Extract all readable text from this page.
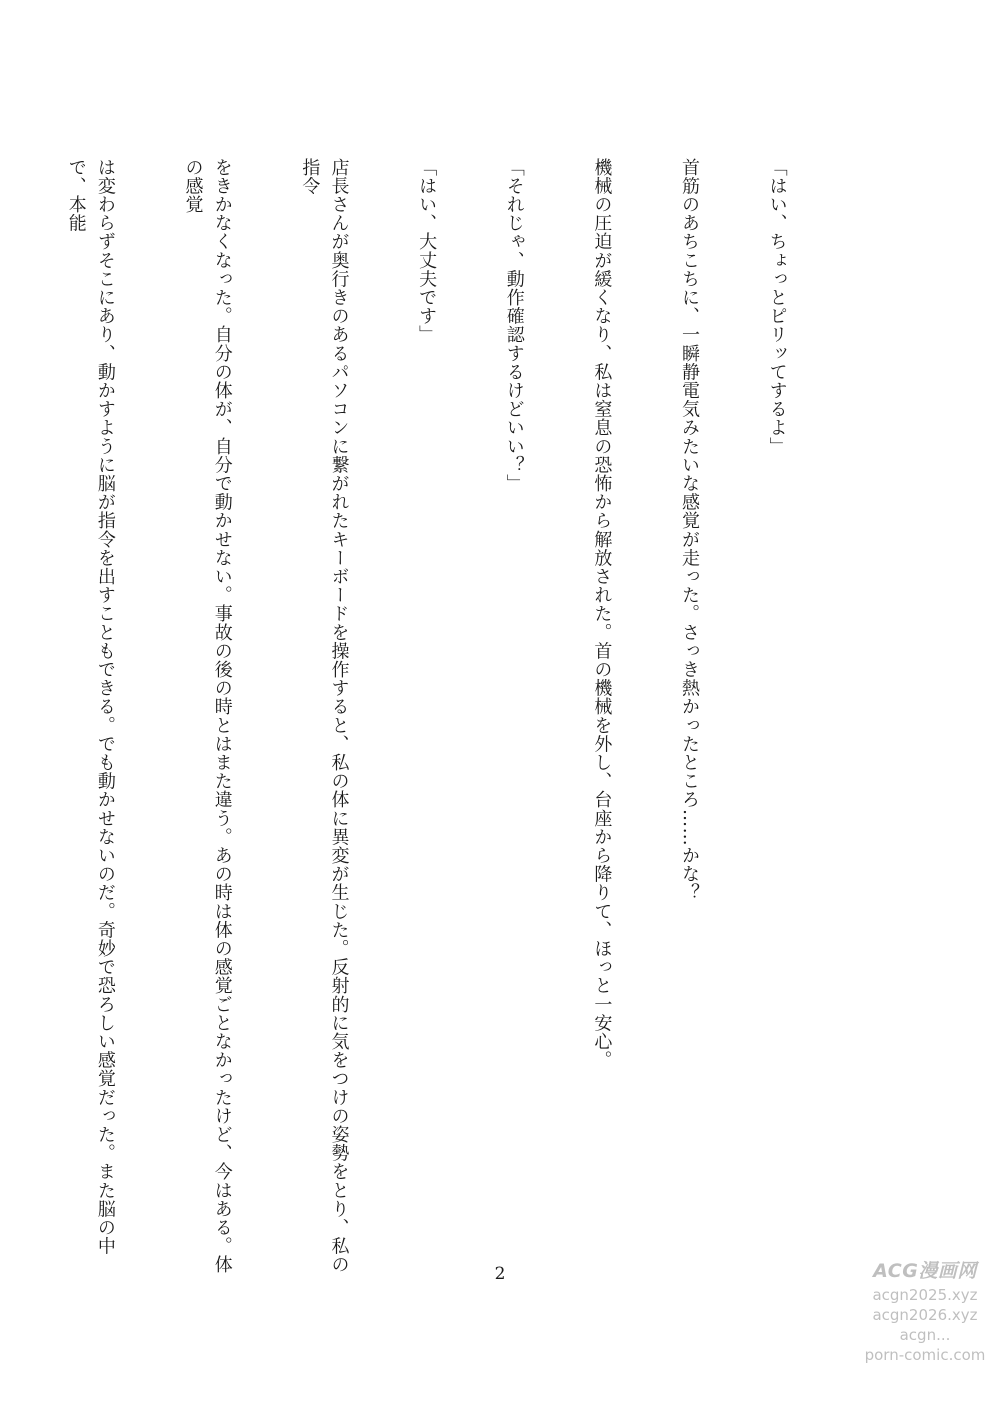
「はい、ちょっとピリッてするよ」

首筋のあちこちに、一瞬静電気みたいな感覚が走った。さっき熱かったところ……かな？

機械の圧迫が緩くなり、私は窒息の恐怖から解放された。首の機械を外し、台座から降りて、ほっと一安心。

「それじゃ、動作確認するけどいい？」

「はい、大丈夫です」

店長さんが奥行きのあるパソコンに繋がれたキーボードを操作すると、私の体に異変が生じた。反射的に気をつけの姿勢をとり、私の指令

をきかなくなった。自分の体が、自分で動かせない。事故の後の時とはまた違う。あの時は体の感覚ごとなかったけど、今はある。体の感覚

は変わらずそこにあり、動かすように脳が指令を出すこともできる。でも動かせないのだ。奇妙で恐ろしい感覚だった。また脳の中で、本能

2	ACG漫画网
acgn2025.xyz
acgn2026.xyz
acgn...
porn-comic.com
